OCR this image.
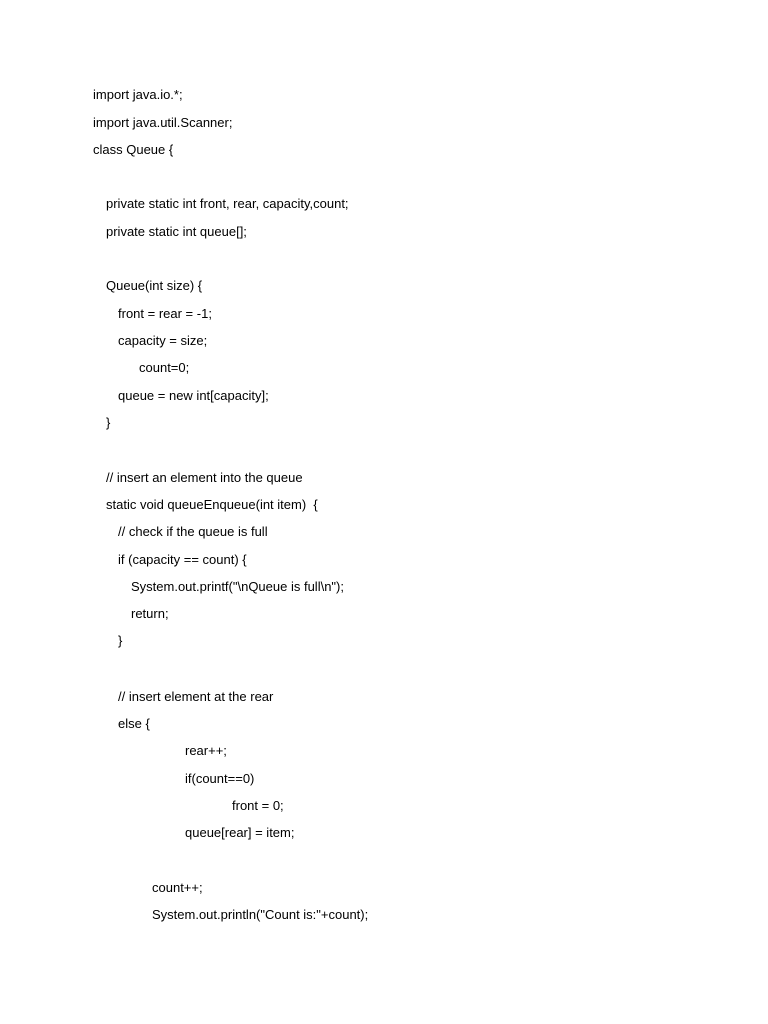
import java.io.*;
import java.util.Scanner;
class Queue {
private static int front, rear, capacity,count;
private static int queue[];
Queue(int size) {
front = rear = -1;
capacity = size;
count=0;
queue = new int[capacity];
}
// insert an element into the queue
static void queueEnqueue(int item)  {
// check if the queue is full
if (capacity == count) {
System.out.printf("\nQueue is full\n");
return;
}
// insert element at the rear
else {
rear++;
if(count==0)
front = 0;
queue[rear] = item;
count++;
System.out.println("Count is:"+count);
